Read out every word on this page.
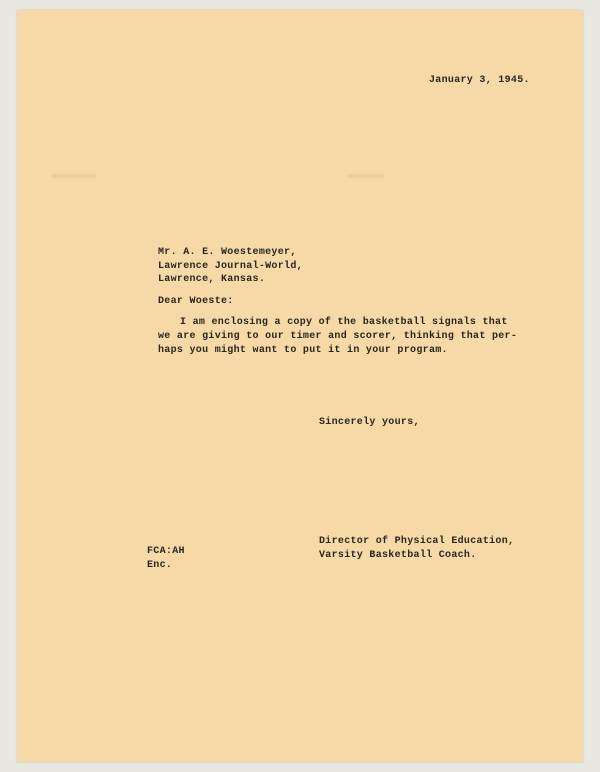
January 3, 1945.
Mr. A. E. Woestemeyer,
Lawrence Journal-World,
Lawrence, Kansas.
Dear Woeste:
I am enclosing a copy of the basketball signals that
we are giving to our timer and scorer, thinking that per-
haps you might want to put it in your program.
Sincerely yours,
Director of Physical Education,
Varsity Basketball Coach.
FCA:AH
Enc.
